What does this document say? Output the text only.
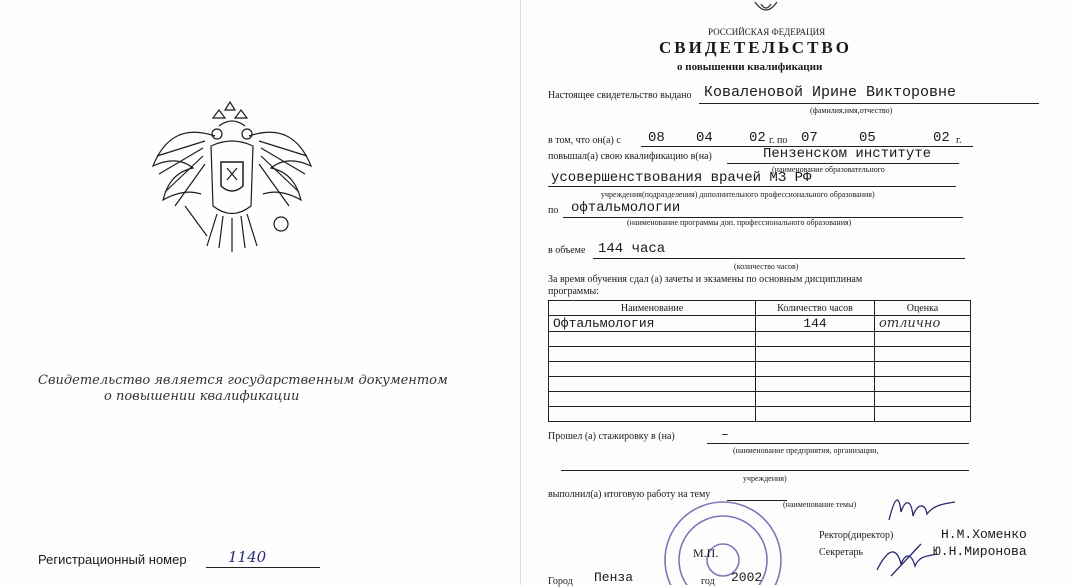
Свидетельство является государственным документом
о повышении квалификации
Регистрационный номер	1140
РОССИЙСКАЯ ФЕДЕРАЦИЯ
СВИДЕТЕЛЬСТВО
о повышении квалификации
Настоящее свидетельство выдано Коваленовой Ирине Викторовне
(фамилия,имя,отчество)
в том, что он(а) с 08 04	02 г. по 07	05	02 г.
повышал(а) свою квалификацию в(на)	Пензенском институте
(наименование образовательного
усовершенствования врачей МЗ РФ
учреждения(подразделения) дополнительного профессионального образования)
по офтальмологии
(наименование программы доп. профессионального образования)
в объеме 144 часа
(количество часов)
За время обучения сдал (а) зачеты и экзамены по основным дисциплинам
программы:
Наименование	Количество часов	Оценка
Офтальмология	144	отлично

Прошел (а) стажировку в (на)	–
(наименование предприятия, организации,
учреждения)
выполнил(а) итоговую работу на тему
(наименование темы)
М.П.
Ректор(директор)	Н.М.Хоменко
Секретарь	Ю.Н.Миронова
Город Пенза	год 2002
